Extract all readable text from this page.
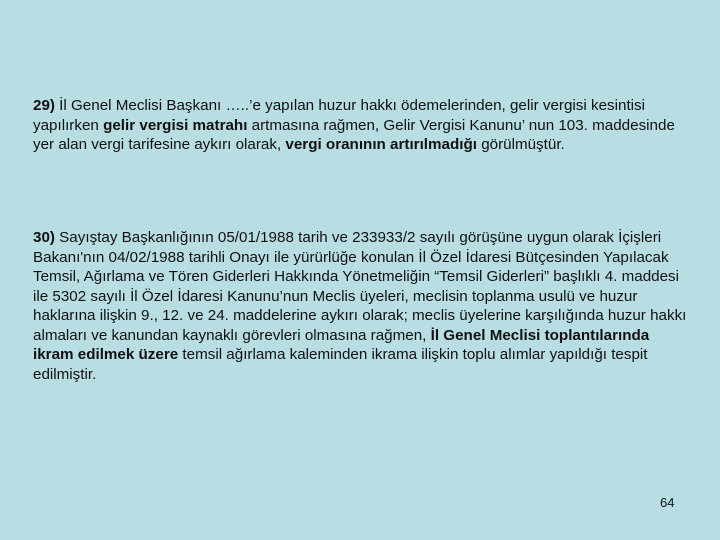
29) İl Genel Meclisi Başkanı …..’e yapılan huzur hakkı ödemelerinden, gelir vergisi kesintisi yapılırken gelir vergisi matrahı artmasına rağmen, Gelir Vergisi Kanunu’ nun 103. maddesinde yer alan vergi tarifesine aykırı olarak, vergi oranının artırılmadığı görülmüştür.

30) Sayıştay Başkanlığının 05/01/1988 tarih ve 233933/2 sayılı görüşüne uygun olarak İçişleri Bakanı'nın 04/02/1988 tarihli Onayı ile yürürlüğe konulan İl Özel İdaresi Bütçesinden Yapılacak Temsil, Ağırlama ve Tören Giderleri Hakkında Yönetmeliğin “Temsil Giderleri” başlıklı 4. maddesi ile 5302 sayılı İl Özel İdaresi Kanunu’nun Meclis üyeleri, meclisin toplanma usulü ve huzur haklarına ilişkin 9., 12. ve 24. maddelerine aykırı olarak; meclis üyelerine karşılığında huzur hakkı almaları ve kanundan kaynaklı görevleri olmasına rağmen, İl Genel Meclisi toplantılarında ikram edilmek üzere temsil ağırlama kaleminden ikrama ilişkin toplu alımlar yapıldığı tespit edilmiştir.

64
